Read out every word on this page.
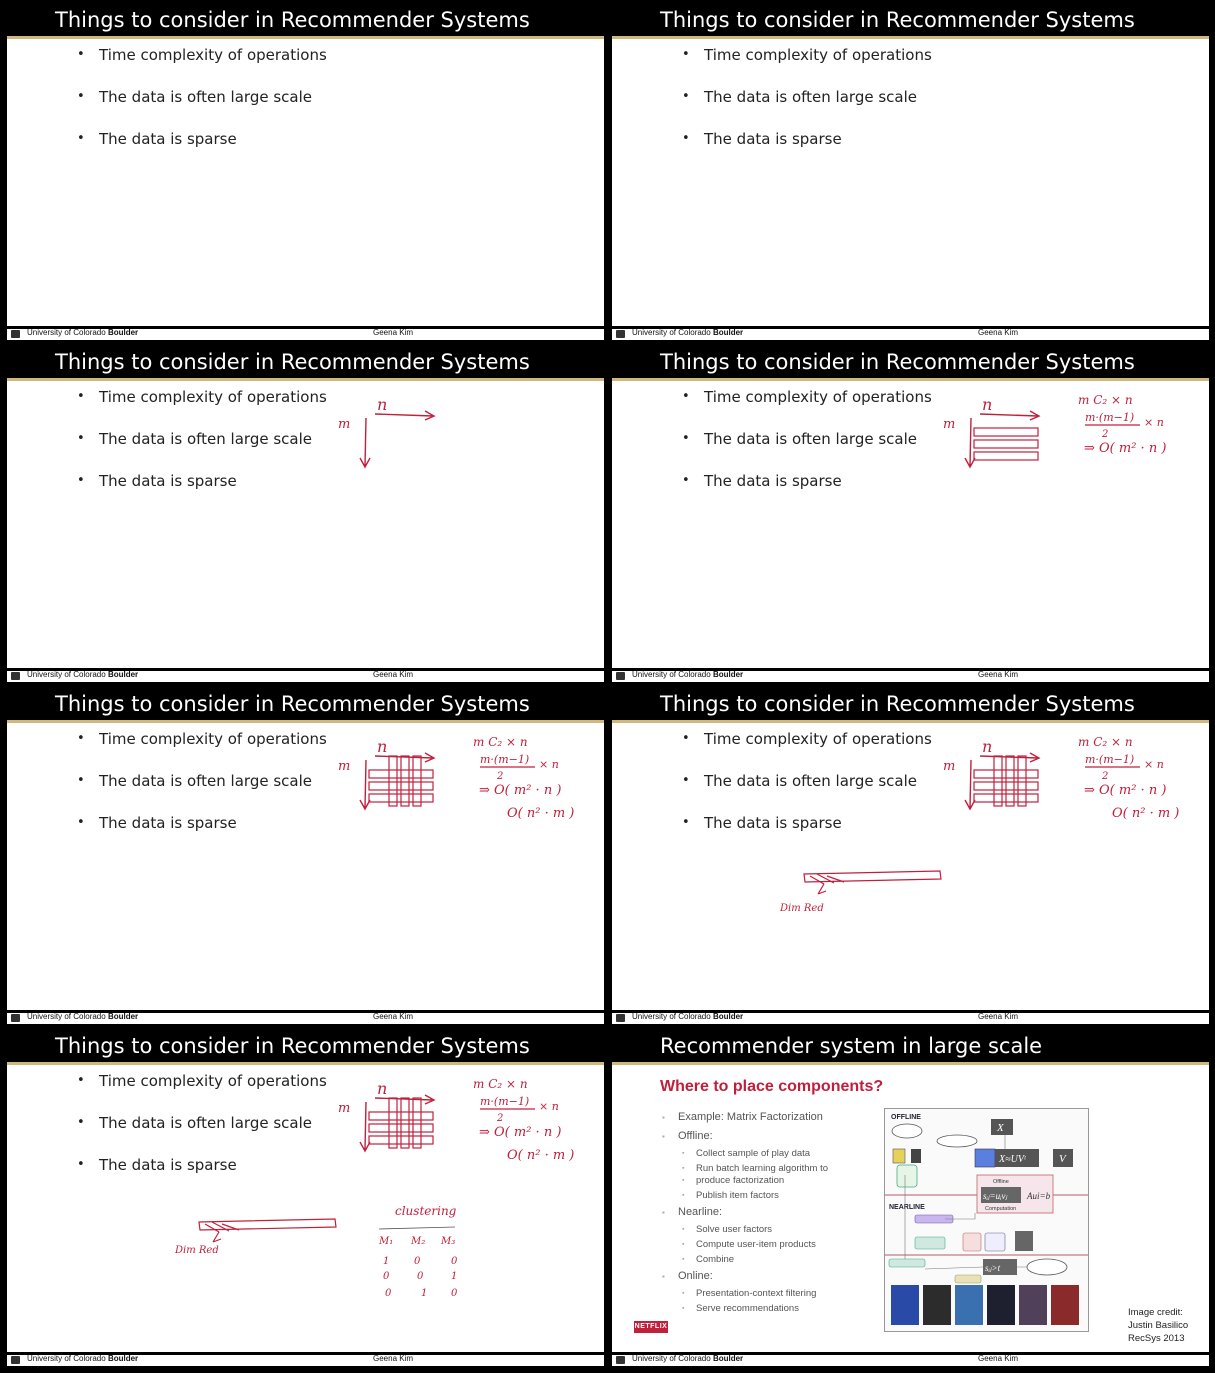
Things to consider in Recommender Systems
• Time complexity of operations
• The data is often large scale
• The data is sparse
University of Colorado Boulder	Geena Kim
Things to consider in Recommender Systems
• Time complexity of operations
• The data is often large scale
• The data is sparse
University of Colorado Boulder	Geena Kim
Things to consider in Recommender Systems
• Time complexity of operations
• The data is often large scale
• The data is sparse
n
m
University of Colorado Boulder	Geena Kim
Things to consider in Recommender Systems
• Time complexity of operations
• The data is often large scale
• The data is sparse
n
m
m C₂ × n
m·(m−1)
2
× n
⇒ O( m² · n )
University of Colorado Boulder	Geena Kim
Things to consider in Recommender Systems
• Time complexity of operations
• The data is often large scale
• The data is sparse
n
m
m C₂ × n
m·(m−1)
2
× n
⇒ O( m² · n )
O( n² · m )
University of Colorado Boulder	Geena Kim
Things to consider in Recommender Systems
• Time complexity of operations
• The data is often large scale
• The data is sparse
n
m
m C₂ × n
m·(m−1)
2
× n
⇒ O( m² · n )
O( n² · m )
Dim Red
University of Colorado Boulder	Geena Kim
Things to consider in Recommender Systems
• Time complexity of operations
• The data is often large scale
• The data is sparse
n
m
m C₂ × n
m·(m−1)
2
× n
⇒ O( m² · n )
O( n² · m )
Dim Red
clustering
M₁ M₂ M₃
1 0	0
0	0	1
0	1 0
University of Colorado Boulder	Geena Kim
Recommender system in large scale
Where to place components?
▪ Example: Matrix Factorization
▪ Offline:
▪ Collect sample of play data
▪ Run batch learning algorithm to
▪ produce factorization
▪ Publish item factors
▪ Nearline:
▪ Solve user factors
▪ Compute user-item products
▪ Combine
▪ Online:
▪ Presentation-context filtering
▪ Serve recommendations
OFFLINE
NEARLINE
X
X≈UVᵗ	V
Offline
sᵢⱼ=uᵢvⱼ Aui=b
Computation
sᵢⱼ>t
NETFLIX
Image credit:
Justin Basilico
RecSys 2013
University of Colorado Boulder	Geena Kim
